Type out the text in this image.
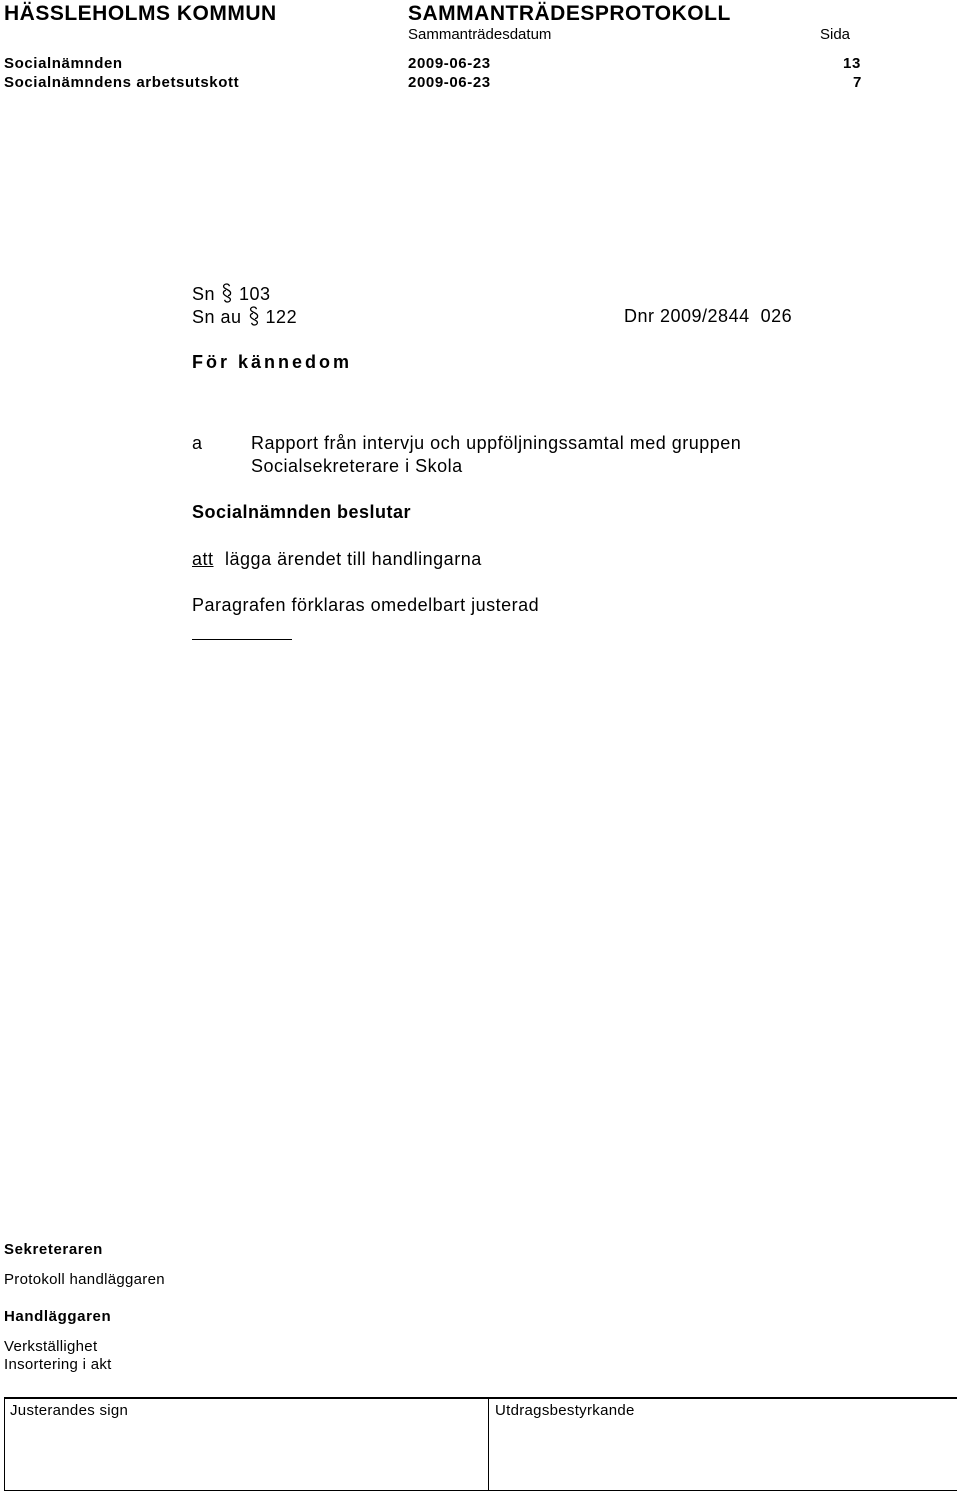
HÄSSLEHOLMS KOMMUN	SAMMANTRÄDESPROTOKOLL
Sammanträdesdatum	Sida
Socialnämnden	2009-06-23	13
Socialnämndens arbetsutskott	2009-06-23	7
Sn 103
Sn au 122	Dnr 2009/2844  026
För kännedom
a	Rapport från intervju och uppföljningssamtal med gruppen
Socialsekreterare i Skola
Socialnämnden beslutar
att lägga ärendet till handlingarna
Paragrafen förklaras omedelbart justerad
Sekreteraren
Protokoll handläggaren
Handläggaren
Verkställighet
Insortering i akt
Justerandes sign	Utdragsbestyrkande
